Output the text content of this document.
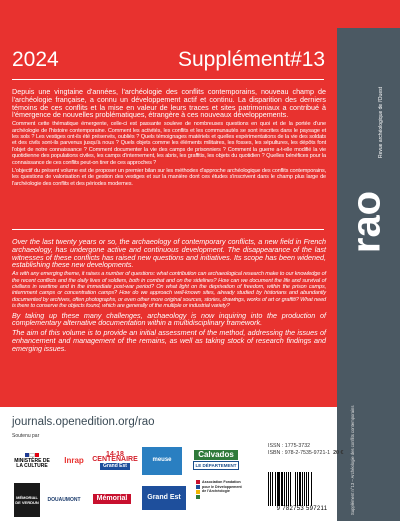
2024	Supplément#13

Depuis une vingtaine d'années, l'archéologie des conflits contemporains, nouveau champ de l'archéologie française, a connu un développement actif et continu. La disparition des derniers témoins de ces conflits et la mise en valeur de leurs traces et sites patrimoniaux a contribué à l'émergence de nouvelles problématiques, étrangère à ces nouveaux développements.

Comment cette thématique émergente, celle-ci est passante souleve de nombreuses questions en quoi et de la portée d'une archéologie de l'histoire contemporaine. Comment les activités, les conflits et les communautés se sont inscrites dans le paysage et les sols ? Les vestiges ont-ils été préservés, oubliés ? Quels témoignages matériels et quelles expérimentations de la vie des soldats et des civils sont-ils parvenus jusqu'à nous ? Quels objets comme les éléments militaires, les fosses, les sépultures, les dépôts font l'objet de notre connaissance ? Comment documenter la vie des camps de prisonniers ? Comment la guerre a-t-elle modifié la vie quotidienne des populations civiles, les camps d'internement, les abris, les graffitis, les objets du quotidien ? Quelles bénéfices pour la connaissance de ces conflits peut-on tirer de ces approches ?

L'objectif du présent volume est de proposer un premier bilan sur les méthodes d'approche archéologique des conflits contemporains, les questions de valorisation et de gestion des vestiges et sur la manière dont ces études s'inscrivent dans le champ plus large de l'archéologie des conflits et des périodes modernes.

Over the last twenty years or so, the archaeology of contemporary conflicts, a new field in French archaeology, has undergone active and continuous development. The disappearance of the last witnesses of these conflicts has raised new questions and initiatives. Its scope has been widened, establishing these new developments.

As with any emerging theme, it raises a number of questions: what contribution can archaeological research make to our knowledge of the recent conflicts and the daily lives of soldiers, both in combat and on the sidelines? How can we document the life and survival of civilians in wartime and in the immediate post-war period? On what light on the deprivation of freedom, within the prison camps, internment camps or concentration camps? How do we approach well-known sites, already studied by historians and abundantly documented by archives, often photographs, or even other more original sources, stories, drawings, works of art or graffiti? What need is there to conserve the objects found, which are generally of the multiple or industrial variety?

By taking up these many challenges, archaeology is now inquiring into the production of complementary alternative documentation within a multidisciplinary framework.

The aim of this volume is to provide an initial assessment of the method, addressing the issues of enhancement and management of the remains, as well as taking stock of research findings and emerging issues.

journals.openedition.org/rao
Soutenu par
MINISTÈRE DE LA CULTURE
Inrap
14-18 CENTENAIRE
Grand Est
meuse
Calvados
LE DÉPARTEMENT
MÉMORIAL DE VERDUN	DOUAUMONT	Mémorial	Grand Est
Association Fondation pour le Développement de l'Archéologie
ISSN : 1775-3732
ISBN : 978-2-7535-9721-1 20 €
9 782753 597211
rao
Revue archéologique de l'Ouest
Supplément n°13 – Archéologie des conflits contemporains
